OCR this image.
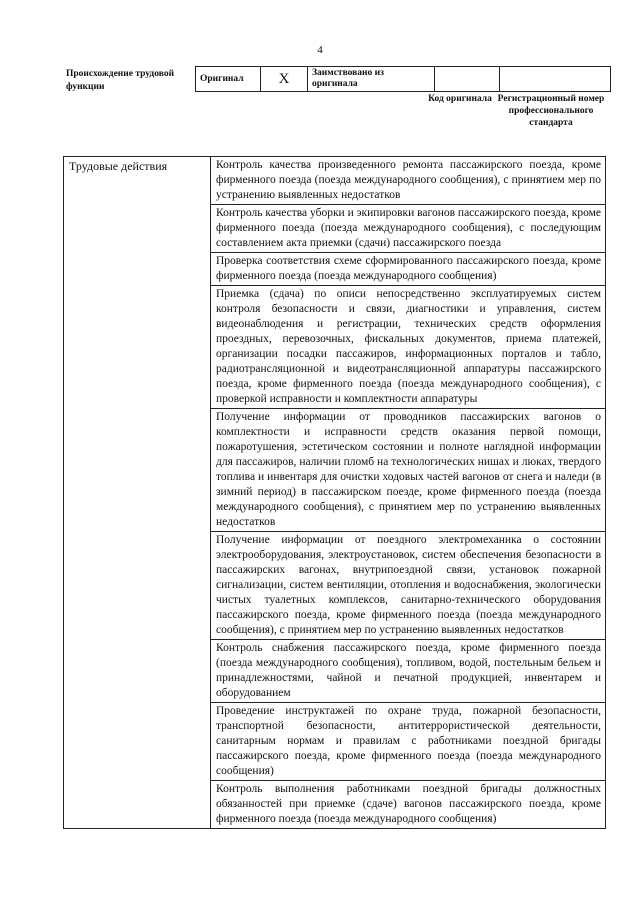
4
Происхождение трудовой функции
Оригинал	X	Заимствовано из оригинала		
Код оригинала Регистрационный номер профессионального стандарта
Трудовые действия	Контроль качества произведенного ремонта пассажирского поезда, кроме фирменного поезда (поезда международного сообщения), с принятием мер по устранению выявленных недостатков
Контроль качества уборки и экипировки вагонов пассажирского поезда, кроме фирменного поезда (поезда международного сообщения), с последующим составлением акта приемки (сдачи) пассажирского поезда
Проверка соответствия схеме сформированного пассажирского поезда, кроме фирменного поезда (поезда международного сообщения)
Приемка (сдача) по описи непосредственно эксплуатируемых систем контроля безопасности и связи, диагностики и управления, систем видеонаблюдения и регистрации, технических средств оформления проездных, перевозочных, фискальных документов, приема платежей, организации посадки пассажиров, информационных порталов и табло, радиотрансляционной и видеотрансляционной аппаратуры пассажирского поезда, кроме фирменного поезда (поезда международного сообщения), с проверкой исправности и комплектности аппаратуры
Получение информации от проводников пассажирских вагонов о комплектности и исправности средств оказания первой помощи, пожаротушения, эстетическом состоянии и полноте наглядной информации для пассажиров, наличии пломб на технологических нишах и люках, твердого топлива и инвентаря для очистки ходовых частей вагонов от снега и наледи (в зимний период) в пассажирском поезде, кроме фирменного поезда (поезда международного сообщения), с принятием мер по устранению выявленных недостатков
Получение информации от поездного электромеханика о состоянии электрооборудования, электроустановок, систем обеспечения безопасности в пассажирских вагонах, внутрипоездной связи, установок пожарной сигнализации, систем вентиляции, отопления и водоснабжения, экологически чистых туалетных комплексов, санитарно-технического оборудования пассажирского поезда, кроме фирменного поезда (поезда международного сообщения), с принятием мер по устранению выявленных недостатков
Контроль снабжения пассажирского поезда, кроме фирменного поезда (поезда международного сообщения), топливом, водой, постельным бельем и принадлежностями, чайной и печатной продукцией, инвентарем и оборудованием
Проведение инструктажей по охране труда, пожарной безопасности, транспортной безопасности, антитеррористической деятельности, санитарным нормам и правилам с работниками поездной бригады пассажирского поезда, кроме фирменного поезда (поезда международного сообщения)
Контроль выполнения работниками поездной бригады должностных обязанностей при приемке (сдаче) вагонов пассажирского поезда, кроме фирменного поезда (поезда международного сообщения)
